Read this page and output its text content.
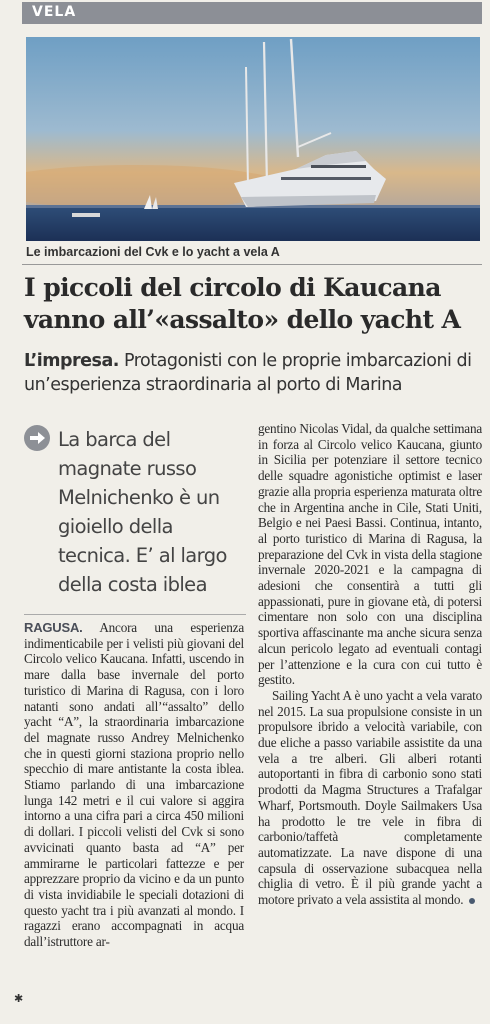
VELA
Le imbarcazioni del Cvk e lo yacht a vela A
I piccoli del circolo di Kaucana vanno all’«assalto» dello yacht A

L’impresa. Protagonisti con le proprie imbarcazioni di un’esperienza straordinaria al porto di Marina

La barca del magnate russo Melnichenko è un gioiello della tecnica. E’ al largo della costa iblea

RAGUSA. Ancora una esperienza indimenticabile per i velisti più giovani del Circolo velico Kaucana. Infatti, uscendo in mare dalla base invernale del porto turistico di Marina di Ragusa, con i loro natanti sono andati all’“assalto” dello yacht “A”, la straordinaria imbarcazione del magnate russo Andrey Melnichenko che in questi giorni staziona proprio nello specchio di mare antistante la costa iblea. Stiamo parlando di una imbarcazione lunga 142 metri e il cui valore si aggira intorno a una cifra pari a circa 450 milioni di dollari. I piccoli velisti del Cvk si sono avvicinati quanto basta ad “A” per ammirarne le particolari fattezze e per apprezzare proprio da vicino e da un punto di vista invidiabile le speciali dotazioni di questo yacht tra i più avanzati al mondo. I ragazzi erano accompagnati in acqua dall’istruttore ar-

gentino Nicolas Vidal, da qualche settimana in forza al Circolo velico Kaucana, giunto in Sicilia per potenziare il settore tecnico delle squadre agonistiche optimist e laser grazie alla propria esperienza maturata oltre che in Argentina anche in Cile, Stati Uniti, Belgio e nei Paesi Bassi. Continua, intanto, al porto turistico di Marina di Ragusa, la preparazione del Cvk in vista della stagione invernale 2020-2021 e la campagna di adesioni che consentirà a tutti gli appassionati, pure in giovane età, di potersi cimentare non solo con una disciplina sportiva affascinante ma anche sicura senza alcun pericolo legato ad eventuali contagi per l’attenzione e la cura con cui tutto è gestito.

Sailing Yacht A è uno yacht a vela varato nel 2015. La sua propulsione consiste in un propulsore ibrido a velocità variabile, con due eliche a passo variabile assistite da una vela a tre alberi. Gli alberi rotanti autoportanti in fibra di carbonio sono stati prodotti da Magma Structures a Trafalgar Wharf, Portsmouth. Doyle Sailmakers Usa ha prodotto le tre vele in fibra di carbonio/taffetà completamente automatizzate. La nave dispone di una capsula di osservazione subacquea nella chiglia di vetro. È il più grande yacht a motore privato a vela assistita al mondo.

✱
